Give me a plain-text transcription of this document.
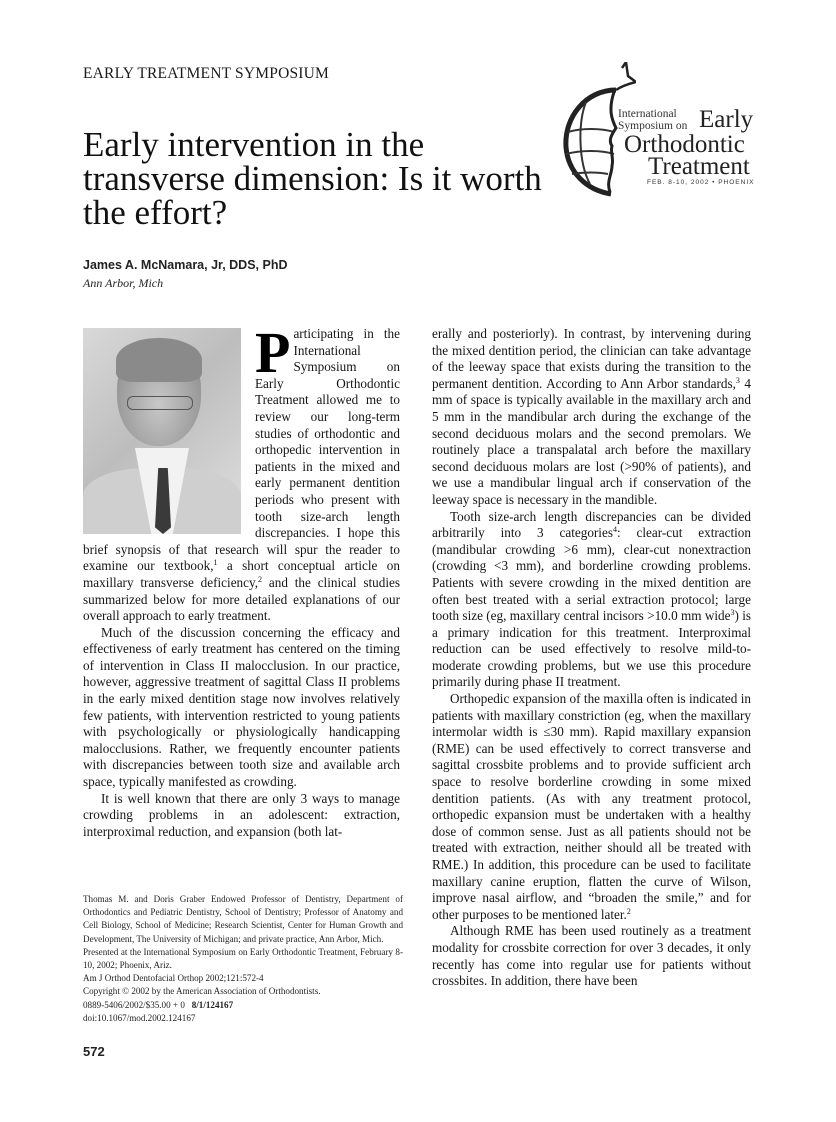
EARLY TREATMENT SYMPOSIUM
Early intervention in the transverse dimension: Is it worth the effort?
James A. McNamara, Jr, DDS, PhD
Ann Arbor, Mich
International
Symposium on Early
Orthodontic
Treatment
FEB. 8-10, 2002 • PHOENIX

Participating in the International Symposium on Early Orthodontic Treatment allowed me to review our long-term studies of orthodontic and orthopedic intervention in patients in the mixed and early permanent dentition periods who present with tooth size-arch length discrepancies. I hope this brief synopsis of that research will spur the reader to examine our textbook,$^1$ a short conceptual article on maxillary transverse deficiency,$^2$ and the clinical studies summarized below for more detailed explanations of our overall approach to early treatment.

Much of the discussion concerning the efficacy and effectiveness of early treatment has centered on the timing of intervention in Class II malocclusion. In our practice, however, aggressive treatment of sagittal Class II problems in the early mixed dentition stage now involves relatively few patients, with intervention restricted to young patients with psychologically or physiologically handicapping malocclusions. Rather, we frequently encounter patients with discrepancies between tooth size and available arch space, typically manifested as crowding.

It is well known that there are only 3 ways to manage crowding problems in an adolescent: extraction, interproximal reduction, and expansion (both lat-

erally and posteriorly). In contrast, by intervening during the mixed dentition period, the clinician can take advantage of the leeway space that exists during the transition to the permanent dentition. According to Ann Arbor standards,$^3$ 4 mm of space is typically available in the maxillary arch and 5 mm in the mandibular arch during the exchange of the second deciduous molars and the second premolars. We routinely place a transpalatal arch before the maxillary second deciduous molars are lost (>90% of patients), and we use a mandibular lingual arch if conservation of the leeway space is necessary in the mandible.

Tooth size-arch length discrepancies can be divided arbitrarily into 3 categories$^4$: clear-cut extraction (mandibular crowding >6 mm), clear-cut nonextraction (crowding <3 mm), and borderline crowding problems. Patients with severe crowding in the mixed dentition are often best treated with a serial extraction protocol; large tooth size (eg, maxillary central incisors >10.0 mm wide$^3$) is a primary indication for this treatment. Interproximal reduction can be used effectively to resolve mild-to-moderate crowding problems, but we use this procedure primarily during phase II treatment.

Orthopedic expansion of the maxilla often is indicated in patients with maxillary constriction (eg, when the maxillary intermolar width is ≤30 mm). Rapid maxillary expansion (RME) can be used effectively to correct transverse and sagittal crossbite problems and to provide sufficient arch space to resolve borderline crowding in some mixed dentition patients. (As with any treatment protocol, orthopedic expansion must be undertaken with a healthy dose of common sense. Just as all patients should not be treated with extraction, neither should all be treated with RME.) In addition, this procedure can be used to facilitate maxillary canine eruption, flatten the curve of Wilson, improve nasal airflow, and “broaden the smile,” and for other purposes to be mentioned later.$^2$

Although RME has been used routinely as a treatment modality for crossbite correction for over 3 decades, it only recently has come into regular use for patients without crossbites. In addition, there have been

Thomas M. and Doris Graber Endowed Professor of Dentistry, Department of Orthodontics and Pediatric Dentistry, School of Dentistry; Professor of Anatomy and Cell Biology, School of Medicine; Research Scientist, Center for Human Growth and Development, The University of Michigan; and private practice, Ann Arbor, Mich.

Presented at the International Symposium on Early Orthodontic Treatment, February 8-10, 2002; Phoenix, Ariz.

Am J Orthod Dentofacial Orthop 2002;121:572-4

Copyright © 2002 by the American Association of Orthodontists.

0889-5406/2002/$35.00 + 0 8/1/124167

doi:10.1067/mod.2002.124167

572
